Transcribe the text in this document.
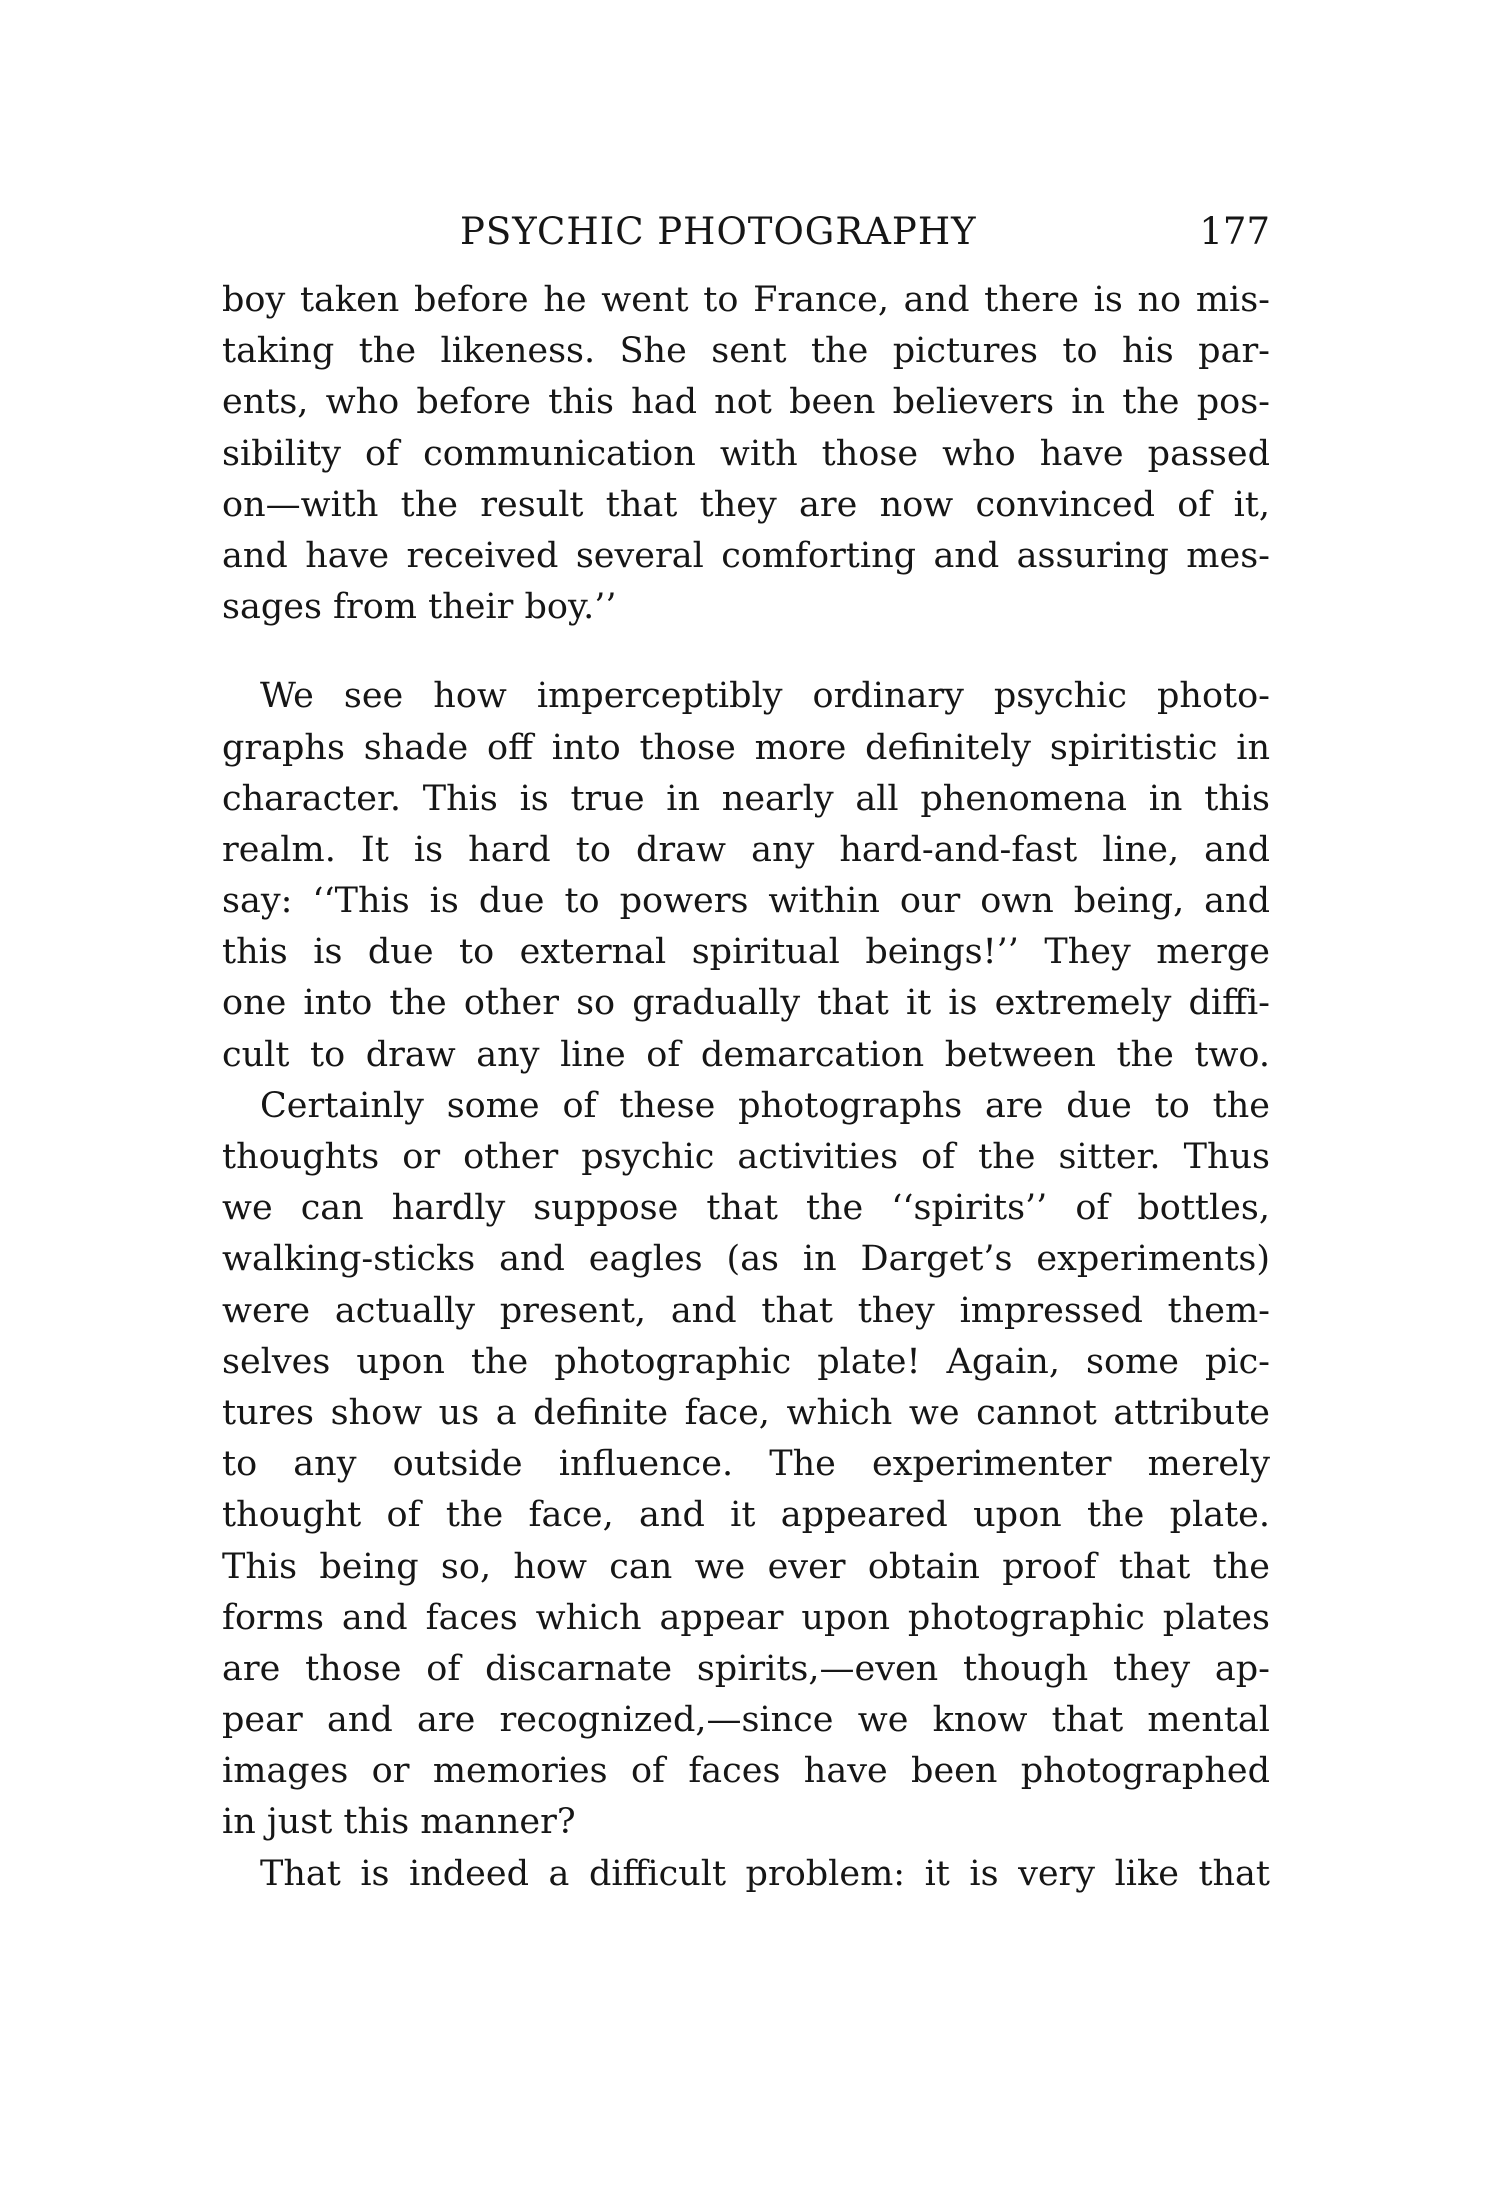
PSYCHIC PHOTOGRAPHY	177
boy taken before he went to France, and there is no mis-
taking the likeness. She sent the pictures to his par-
ents, who before this had not been believers in the pos-
sibility of communication with those who have passed
on—with the result that they are now convinced of it,
and have received several comforting and assuring mes-
sages from their boy.’’
We see how imperceptibly ordinary psychic photo-
graphs shade off into those more definitely spiritistic in
character. This is true in nearly all phenomena in this
realm. It is hard to draw any hard-and-fast line, and
say: ‘‘This is due to powers within our own being, and
this is due to external spiritual beings!’’ They merge
one into the other so gradually that it is extremely diffi-
cult to draw any line of demarcation between the two.
Certainly some of these photographs are due to the
thoughts or other psychic activities of the sitter. Thus
we can hardly suppose that the ‘‘spirits’’ of bottles,
walking-sticks and eagles (as in Darget’s experiments)
were actually present, and that they impressed them-
selves upon the photographic plate! Again, some pic-
tures show us a definite face, which we cannot attribute
to any outside influence. The experimenter merely
thought of the face, and it appeared upon the plate.
This being so, how can we ever obtain proof that the
forms and faces which appear upon photographic plates
are those of discarnate spirits,—even though they ap-
pear and are recognized,—since we know that mental
images or memories of faces have been photographed
in just this manner?
That is indeed a difficult problem: it is very like that
